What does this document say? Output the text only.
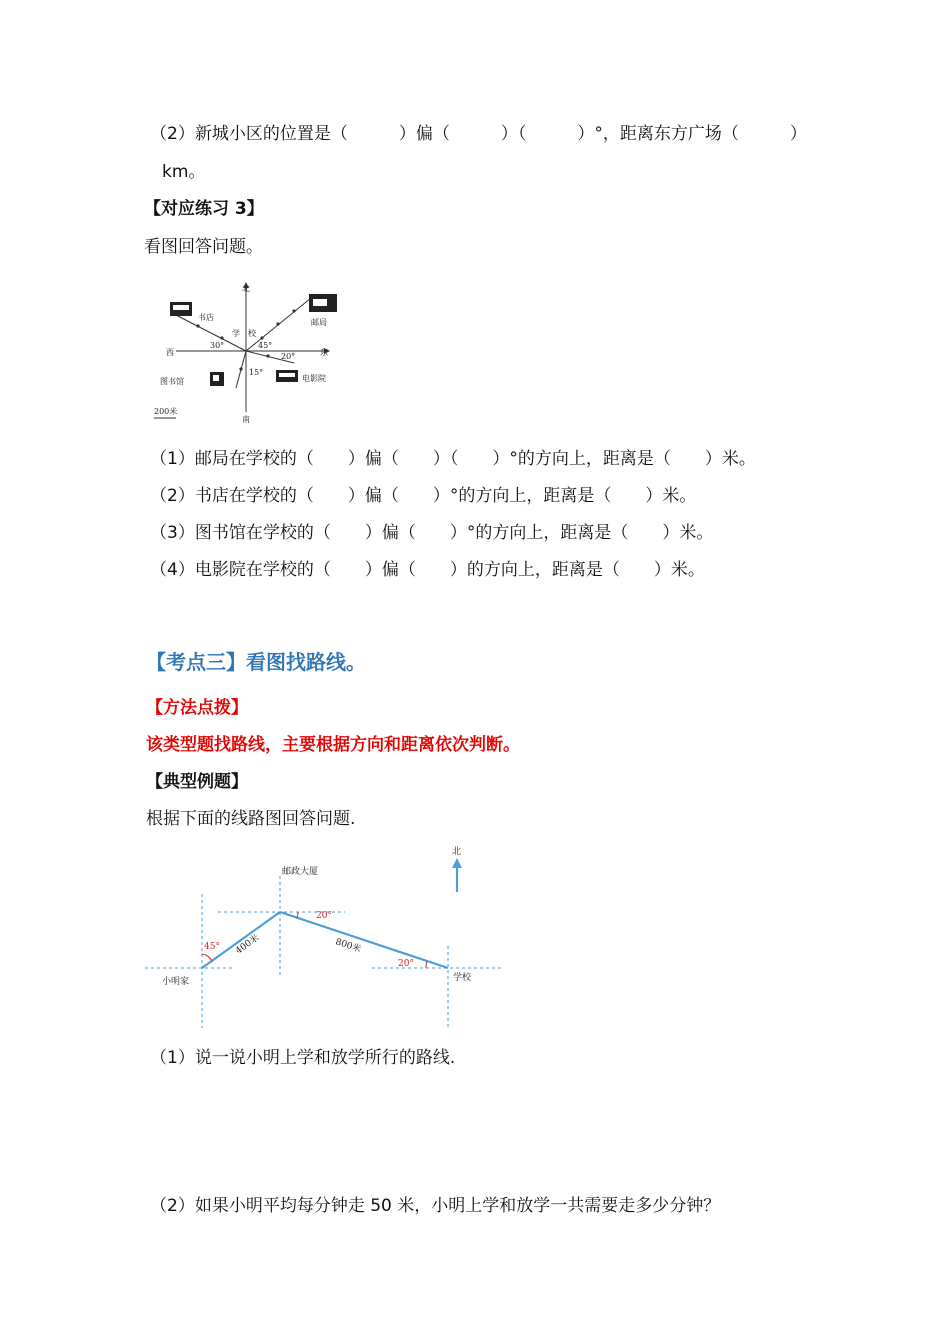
（2）新城小区的位置是（　　　）偏（　　　）（　　　）°，距离东方广场（　　　）
km。
【对应练习 3】
看图回答问题。
北
南
西	东
学　校
书店
邮局
图书馆	电影院
30°	45°
20°
15°
200米
（1）邮局在学校的（　　）偏（　　）（　　）°的方向上，距离是（　　）米。
（2）书店在学校的（　　）偏（　　）°的方向上，距离是（　　）米。
（3）图书馆在学校的（　　）偏（　　）°的方向上，距离是（　　）米。
（4）电影院在学校的（　　）偏（　　）的方向上，距离是（　　）米。
【考点三】看图找路线。
【方法点拨】
该类型题找路线，主要根据方向和距离依次判断。
【典型例题】
根据下面的线路图回答问题.
北
邮政大厦
小明家	学校
400米	800米
45°
20°
20°
（1）说一说小明上学和放学所行的路线.
（2）如果小明平均每分钟走 50 米，小明上学和放学一共需要走多少分钟？
